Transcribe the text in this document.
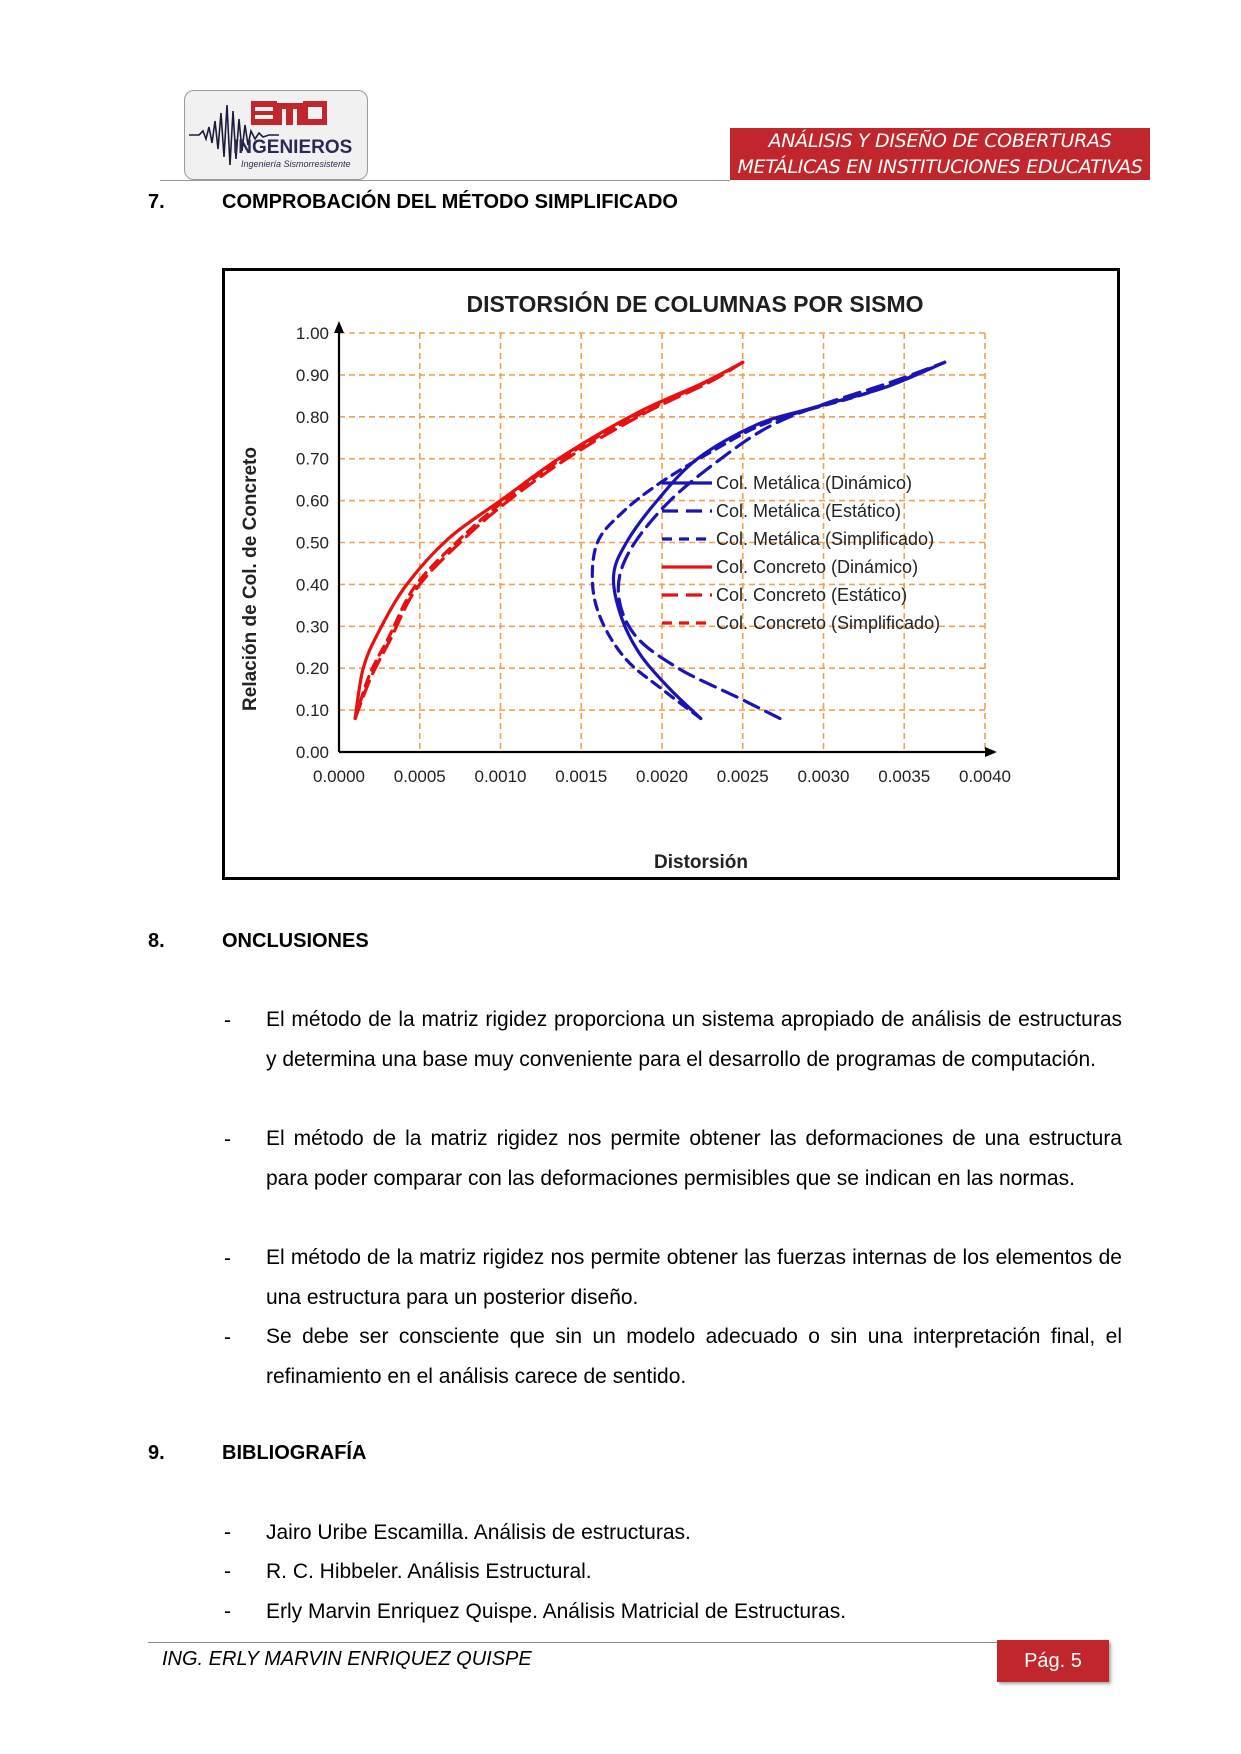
INGENIEROS
Ingeniería Sismorresistente
ANÁLISIS Y DISEÑO DE COBERTURAS
METÁLICAS EN INSTITUCIONES EDUCATIVAS
7.	COMPROBACIÓN DEL MÉTODO SIMPLIFICADO
DISTORSIÓN DE COLUMNAS POR SISMO
0.0000 0.0005 0.0010 0.0015 0.0020 0.0025 0.0030 0.0035 0.0040
0.00
0.10
0.20
0.30
0.40
0.50
0.60
0.70
0.80
0.90
1.00
Col. Metálica (Dinámico)
Col. Metálica (Estático)
Col. Metálica (Simplificado)
Col. Concreto (Dinámico)
Col. Concreto (Estático)
Col. Concreto (Simplificado)
Distorsión
Relación de Col. de Concreto
8.	ONCLUSIONES
- El método de la matriz rigidez proporciona un sistema apropiado de análisis de estructuras y determina una base muy conveniente para el desarrollo de programas de computación.
- El método de la matriz rigidez nos permite obtener las deformaciones de una estructura para poder comparar con las deformaciones permisibles que se indican en las normas.
- El método de la matriz rigidez nos permite obtener las fuerzas internas de los elementos de una estructura para un posterior diseño.
- Se debe ser consciente que sin un modelo adecuado o sin una interpretación final, el refinamiento en el análisis carece de sentido.
9.	BIBLIOGRAFÍA
- Jairo Uribe Escamilla. Análisis de estructuras.
- R. C. Hibbeler. Análisis Estructural.
- Erly Marvin Enriquez Quispe. Análisis Matricial de Estructuras.
ING. ERLY MARVIN ENRIQUEZ QUISPE	Pág. 5
